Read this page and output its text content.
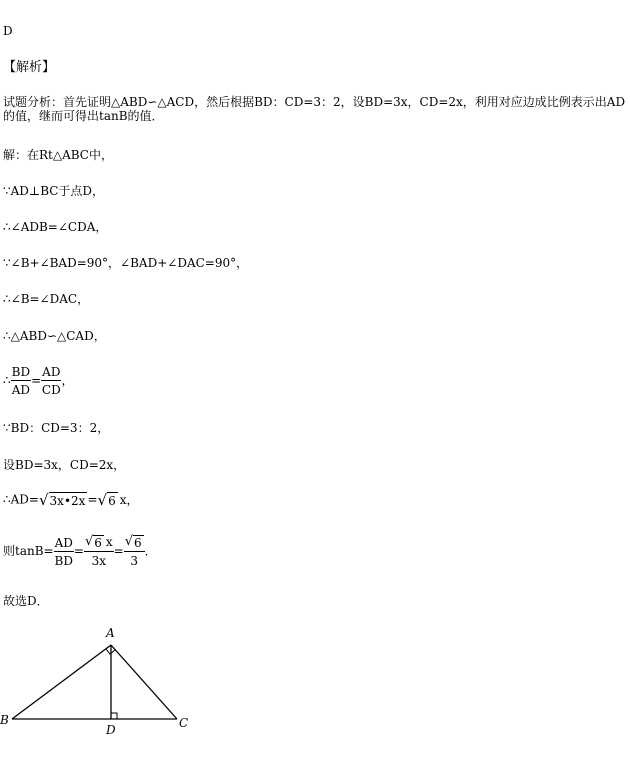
D
【解析】
试题分析：首先证明△ABD∽△ACD，然后根据BD：CD=3：2，设BD=3x，CD=2x，利用对应边成比例表示出AD的值，继而可得出tanB的值．
解：在Rt△ABC中，
∵AD⊥BC于点D，
∴∠ADB=∠CDA，
∵∠B+∠BAD=90°，∠BAD+∠DAC=90°，
∴∠B=∠DAC，
∴△ABD∽△CAD，
∴ $\frac{BD}{AD} = \frac{AD}{CD}$ ，
∵BD：CD=3：2，
设BD=3x，CD=2x，
∴AD= √ 3x•2x = √ 6 x，
则$\tan B= \frac{AD}{BD} = \frac{√ 6 x}{3x} = \frac{√ 6}{3}$ ．
故选D．
A
B	C
D
